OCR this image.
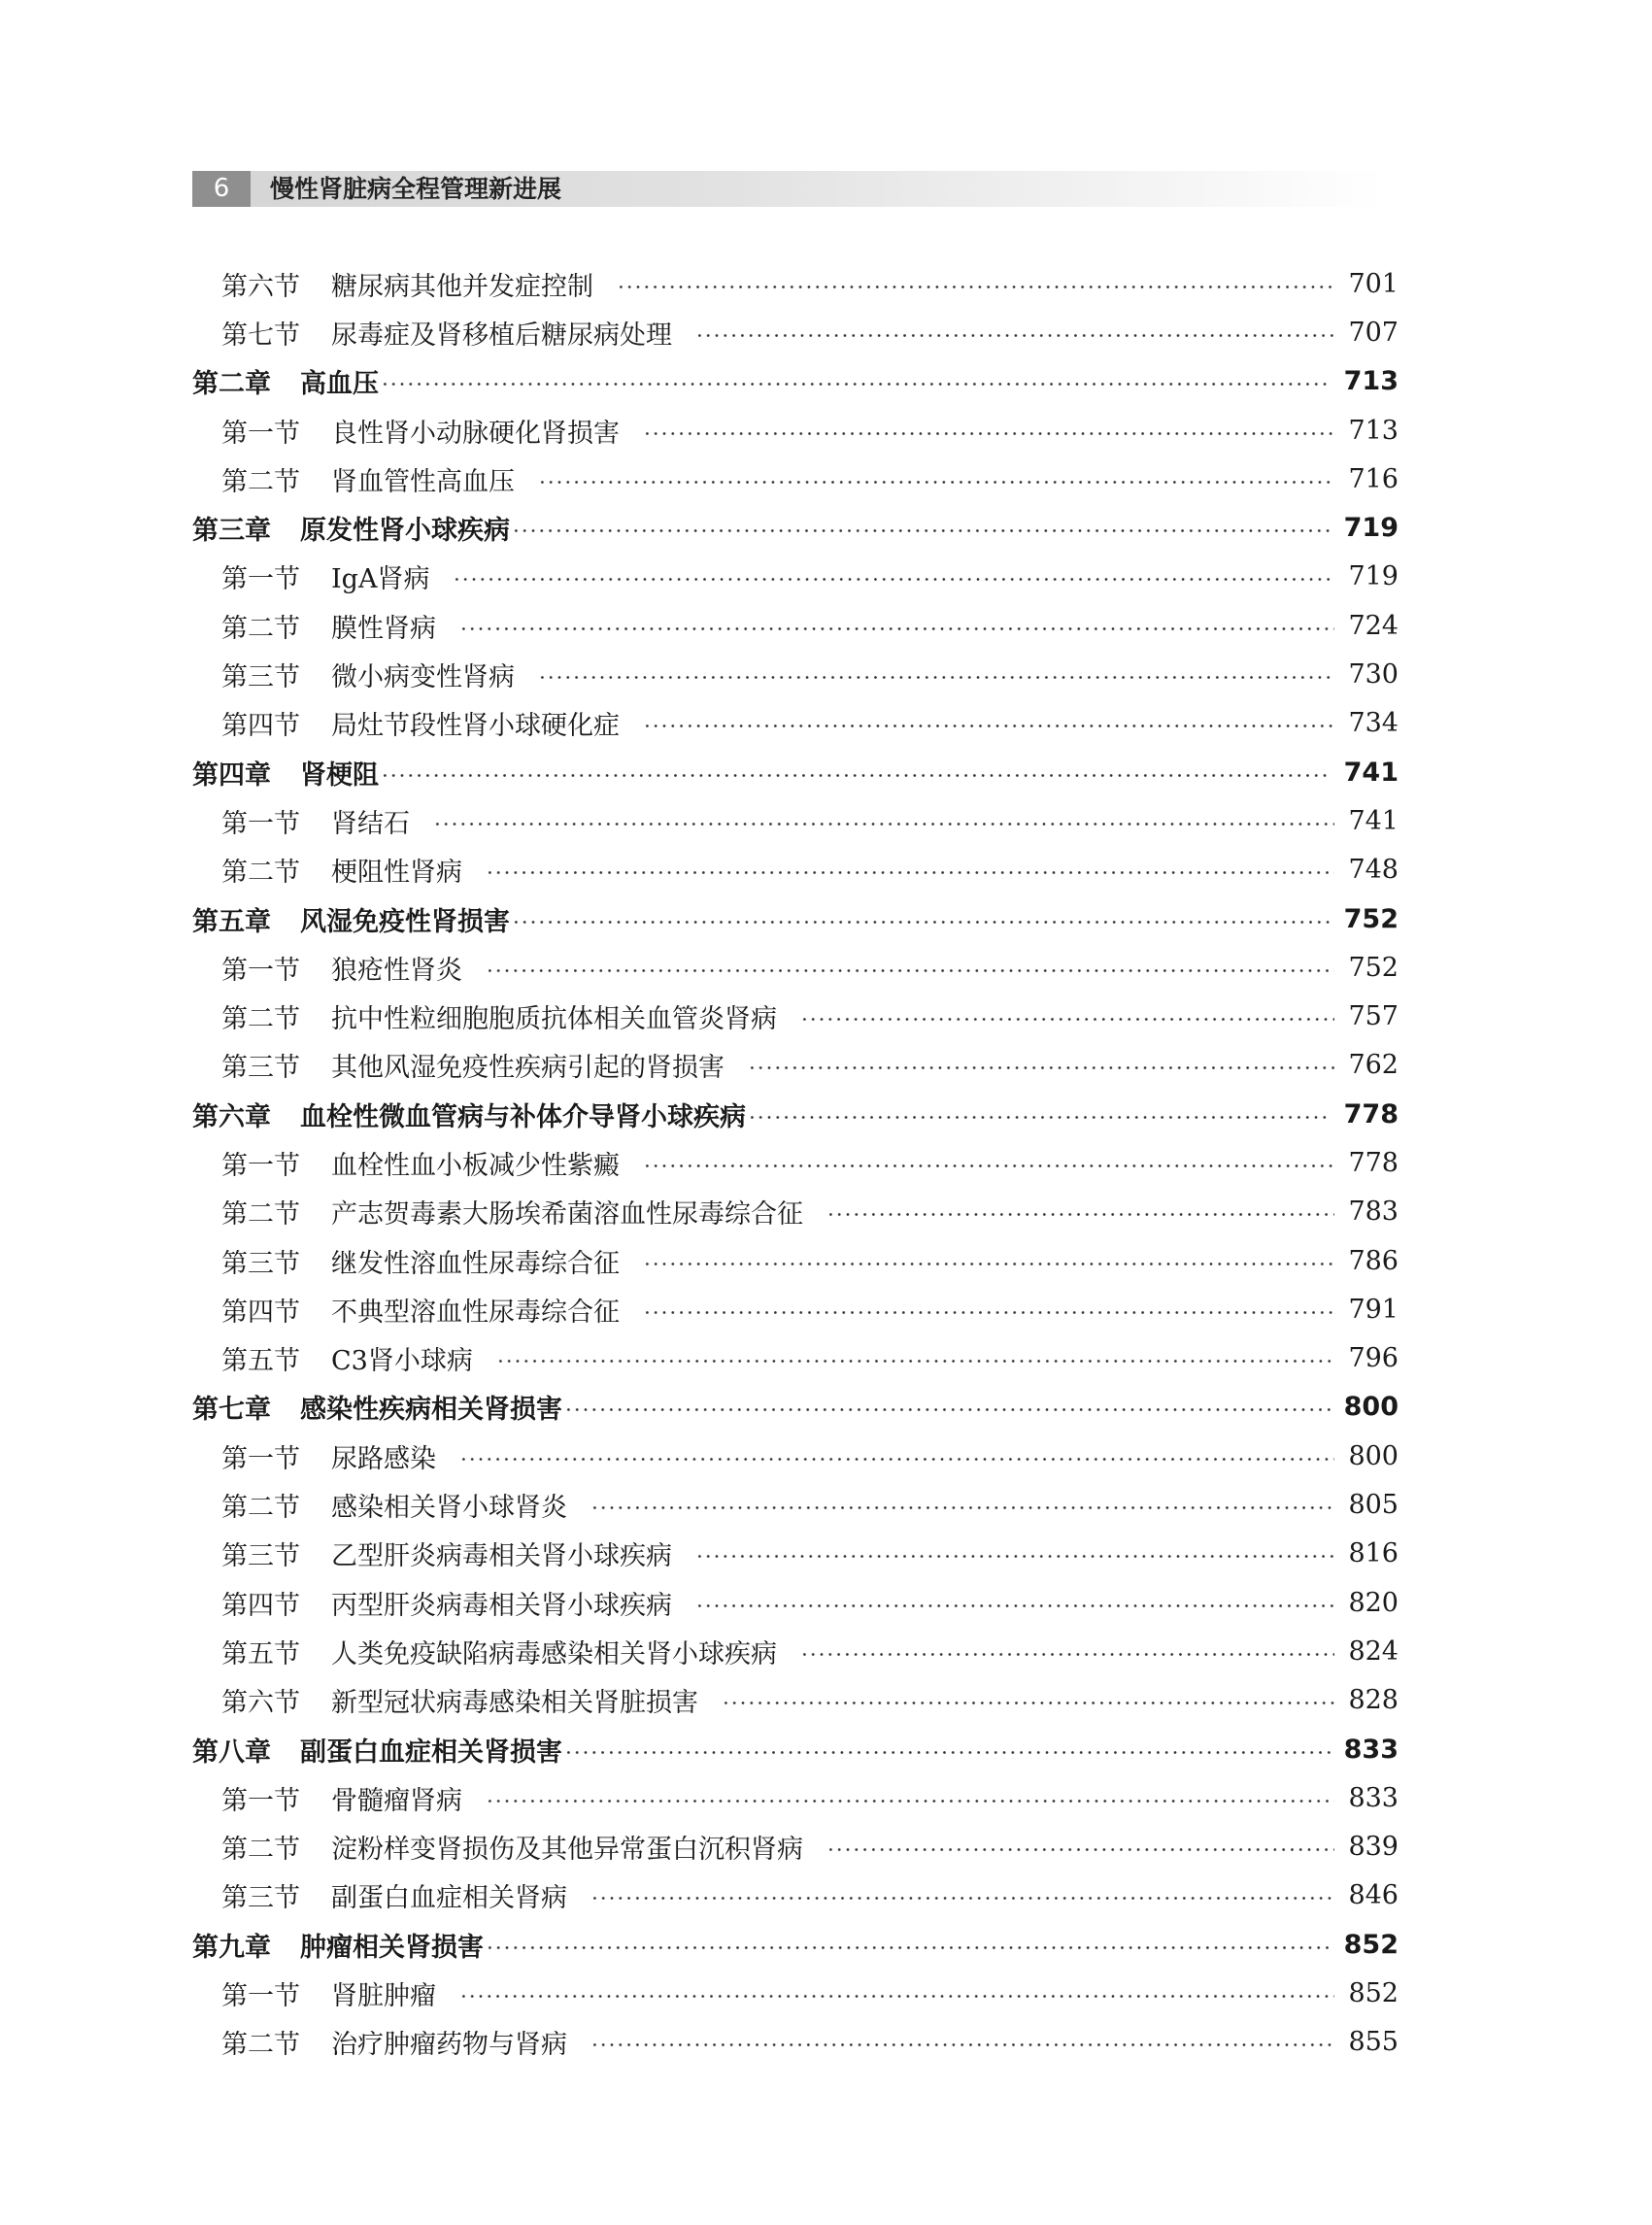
6	慢性肾脏病全程管理新进展
第六节 糖尿病其他并发症控制	701
第七节 尿毒症及肾移植后糖尿病处理	707
第二章 高血压	713
第一节 良性肾小动脉硬化肾损害	713
第二节 肾血管性高血压	716
第三章 原发性肾小球疾病	719
第一节 IgA肾病	719
第二节 膜性肾病	724
第三节 微小病变性肾病	730
第四节 局灶节段性肾小球硬化症	734
第四章 肾梗阻	741
第一节 肾结石	741
第二节 梗阻性肾病	748
第五章 风湿免疫性肾损害	752
第一节 狼疮性肾炎	752
第二节 抗中性粒细胞胞质抗体相关血管炎肾病	757
第三节 其他风湿免疫性疾病引起的肾损害	762
第六章 血栓性微血管病与补体介导肾小球疾病	778
第一节 血栓性血小板减少性紫癜	778
第二节 产志贺毒素大肠埃希菌溶血性尿毒综合征	783
第三节 继发性溶血性尿毒综合征	786
第四节 不典型溶血性尿毒综合征	791
第五节 C3肾小球病	796
第七章 感染性疾病相关肾损害	800
第一节 尿路感染	800
第二节 感染相关肾小球肾炎	805
第三节 乙型肝炎病毒相关肾小球疾病	816
第四节 丙型肝炎病毒相关肾小球疾病	820
第五节 人类免疫缺陷病毒感染相关肾小球疾病	824
第六节 新型冠状病毒感染相关肾脏损害	828
第八章 副蛋白血症相关肾损害	833
第一节 骨髓瘤肾病	833
第二节 淀粉样变肾损伤及其他异常蛋白沉积肾病	839
第三节 副蛋白血症相关肾病	846
第九章 肿瘤相关肾损害	852
第一节 肾脏肿瘤	852
第二节 治疗肿瘤药物与肾病	855
